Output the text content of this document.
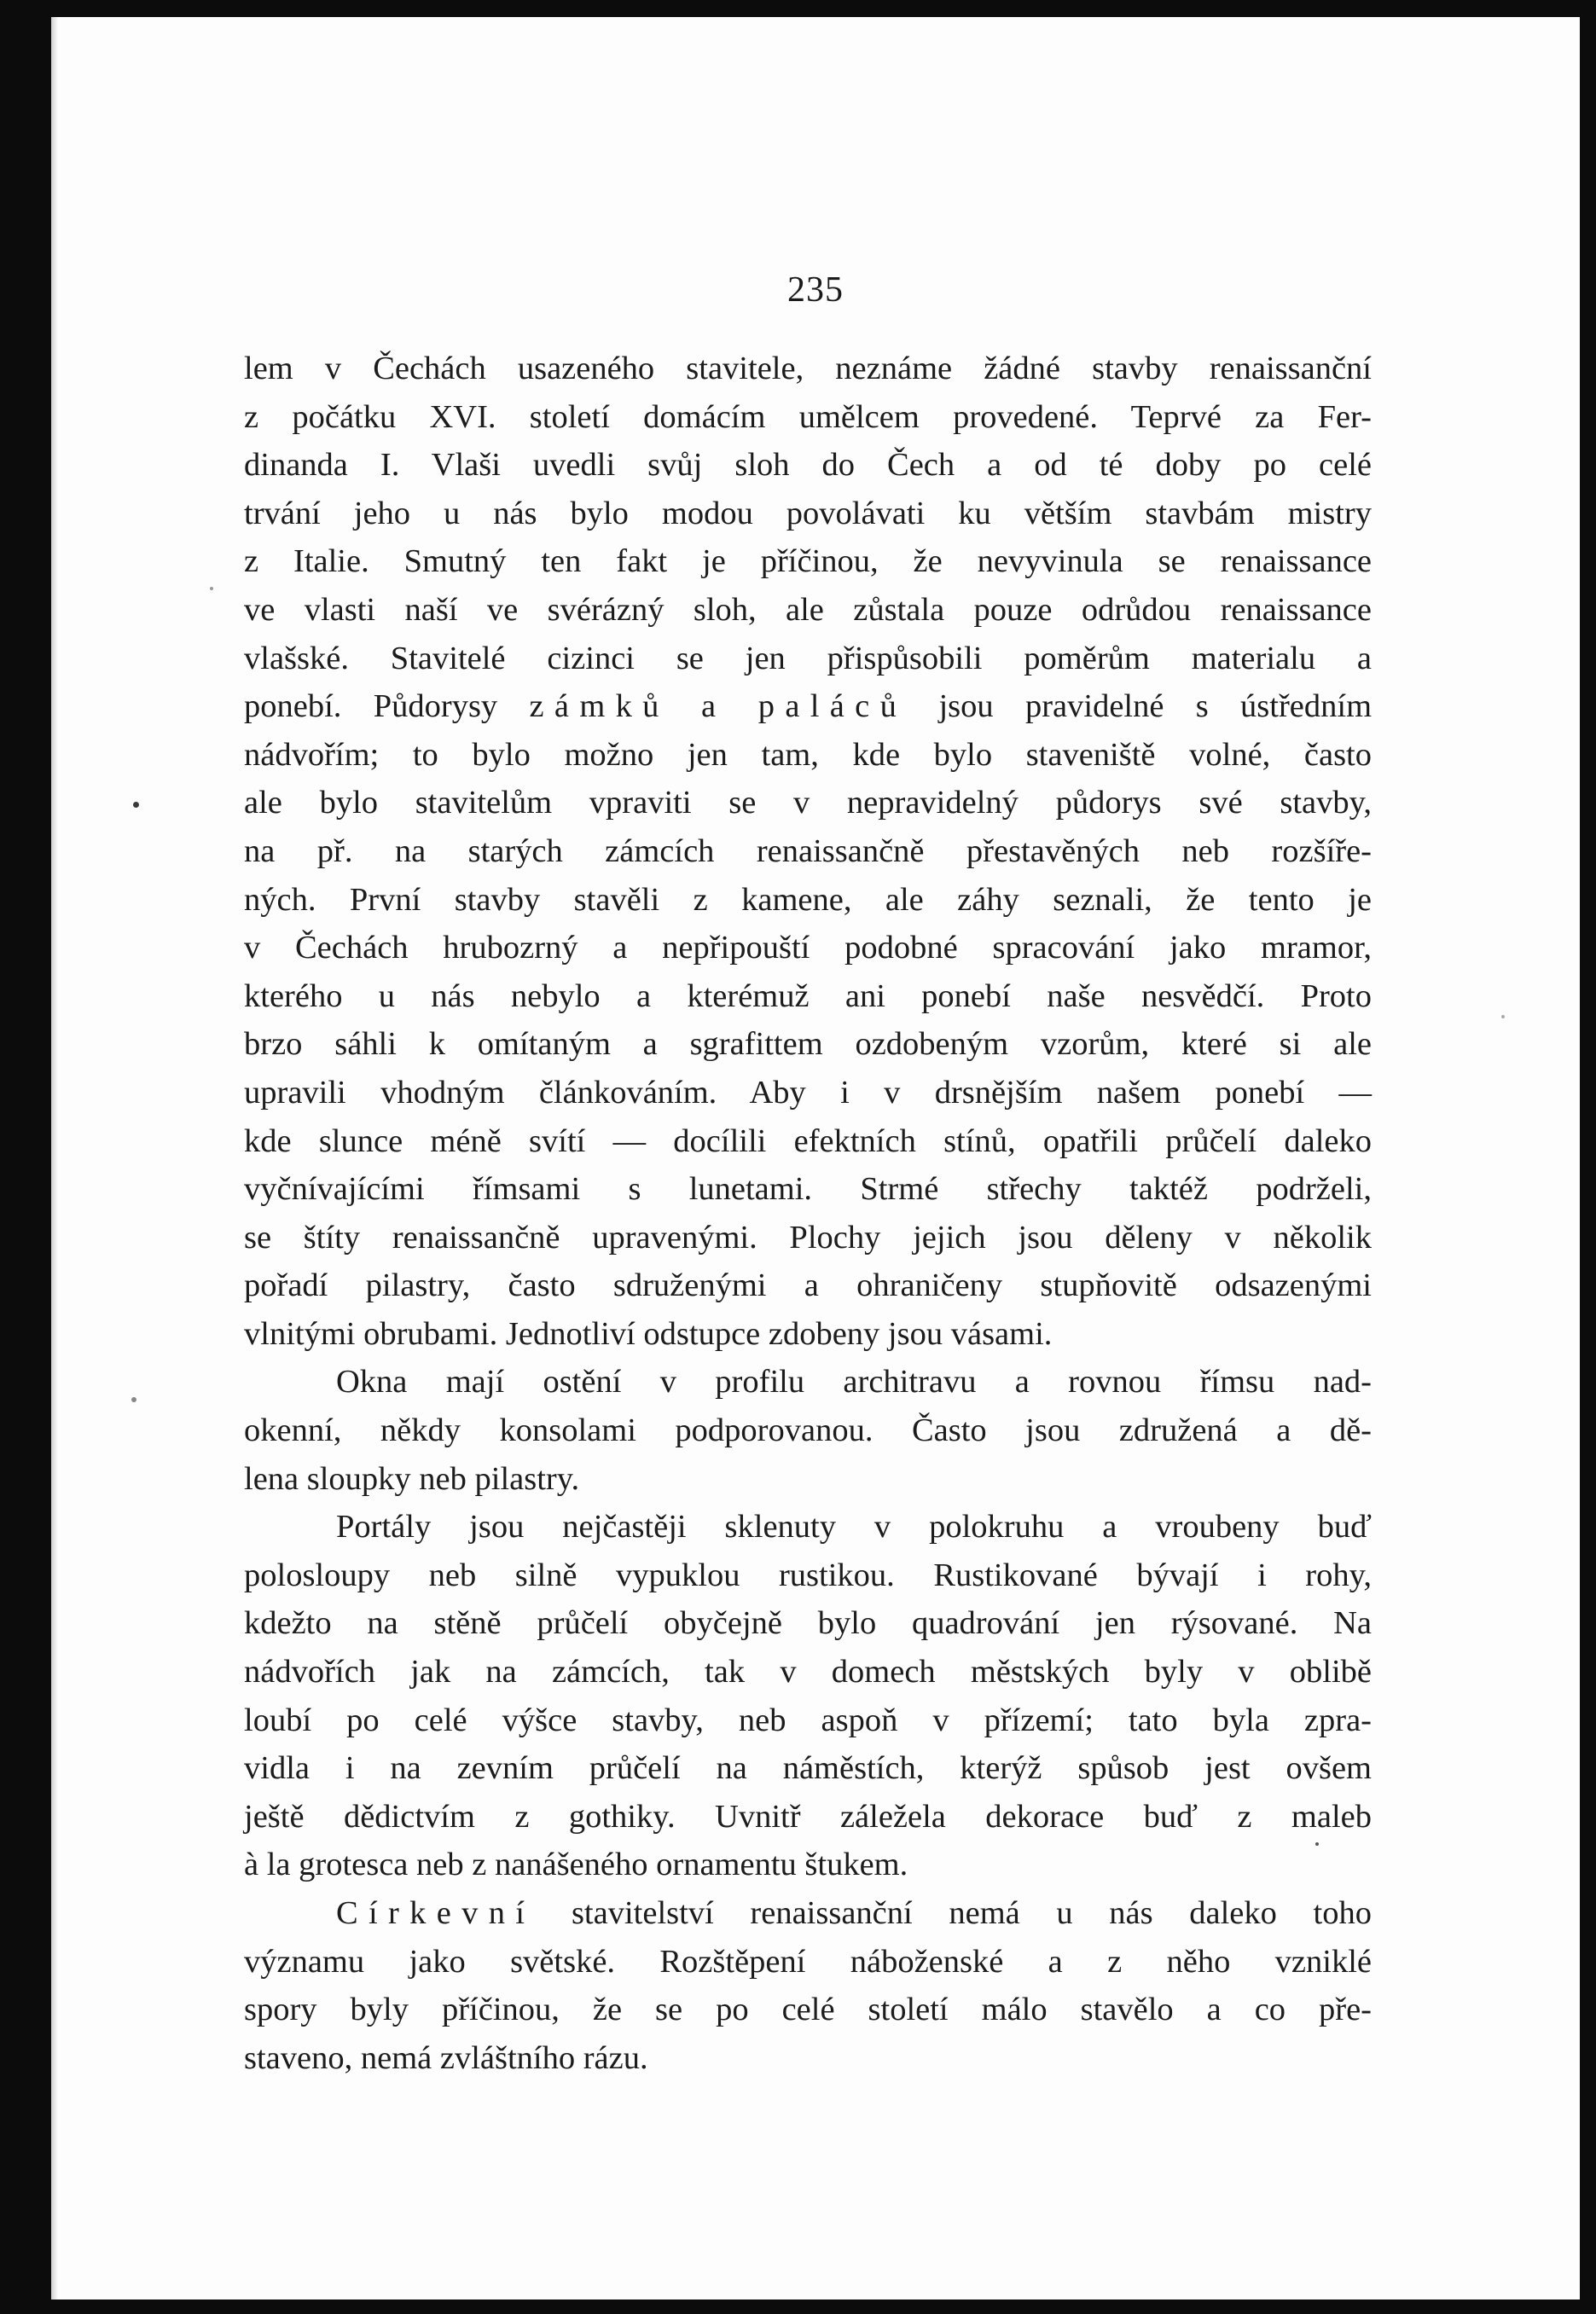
235
lem v Čechách usazeného stavitele, neznáme žádné stavby renaissanční
z počátku XVI. století domácím umělcem provedené. Teprvé za Fer-
dinanda I. Vlaši uvedli svůj sloh do Čech a od té doby po celé
trvání jeho u nás bylo modou povolávati ku větším stavbám mistry
z Italie. Smutný ten fakt je příčinou, že nevyvinula se renaissance
ve vlasti naší ve svérázný sloh, ale zůstala pouze odrůdou renaissance
vlašské. Stavitelé cizinci se jen přispůsobili poměrům materialu a
ponebí. Půdorysy zámků a paláců jsou pravidelné s ústředním
nádvořím; to bylo možno jen tam, kde bylo staveniště volné, často
ale bylo stavitelům vpraviti se v nepravidelný půdorys své stavby,
na př. na starých zámcích renaissančně přestavěných neb rozšíře-
ných. První stavby stavěli z kamene, ale záhy seznali, že tento je
v Čechách hrubozrný a nepřipouští podobné spracování jako mramor,
kterého u nás nebylo a kterémuž ani ponebí naše nesvědčí. Proto
brzo sáhli k omítaným a sgrafittem ozdobeným vzorům, které si ale
upravili vhodným článkováním. Aby i v drsnějším našem ponebí —
kde slunce méně svítí — docílili efektních stínů, opatřili průčelí daleko
vyčnívajícími římsami s lunetami. Strmé střechy taktéž podrželi,
se štíty renaissančně upravenými. Plochy jejich jsou děleny v několik
pořadí pilastry, často sdruženými a ohraničeny stupňovitě odsazenými
vlnitými obrubami. Jednotliví odstupce zdobeny jsou vásami.
Okna mají ostění v profilu architravu a rovnou římsu nad-
okenní, někdy konsolami podporovanou. Často jsou združená a dě-
lena sloupky neb pilastry.
Portály jsou nejčastěji sklenuty v polokruhu a vroubeny buď
polosloupy neb silně vypuklou rustikou. Rustikované bývají i rohy,
kdežto na stěně průčelí obyčejně bylo quadrování jen rýsované. Na
nádvořích jak na zámcích, tak v domech městských byly v oblibě
loubí po celé výšce stavby, neb aspoň v přízemí; tato byla zpra-
vidla i na zevním průčelí na náměstích, kterýž spůsob jest ovšem
ještě dědictvím z gothiky. Uvnitř záležela dekorace buď z maleb
à la grotesca neb z nanášeného ornamentu štukem.
Církevní stavitelství renaissanční nemá u nás daleko toho
významu jako světské. Rozštěpení náboženské a z něho vzniklé
spory byly příčinou, že se po celé století málo stavělo a co pře-
staveno, nemá zvláštního rázu.
